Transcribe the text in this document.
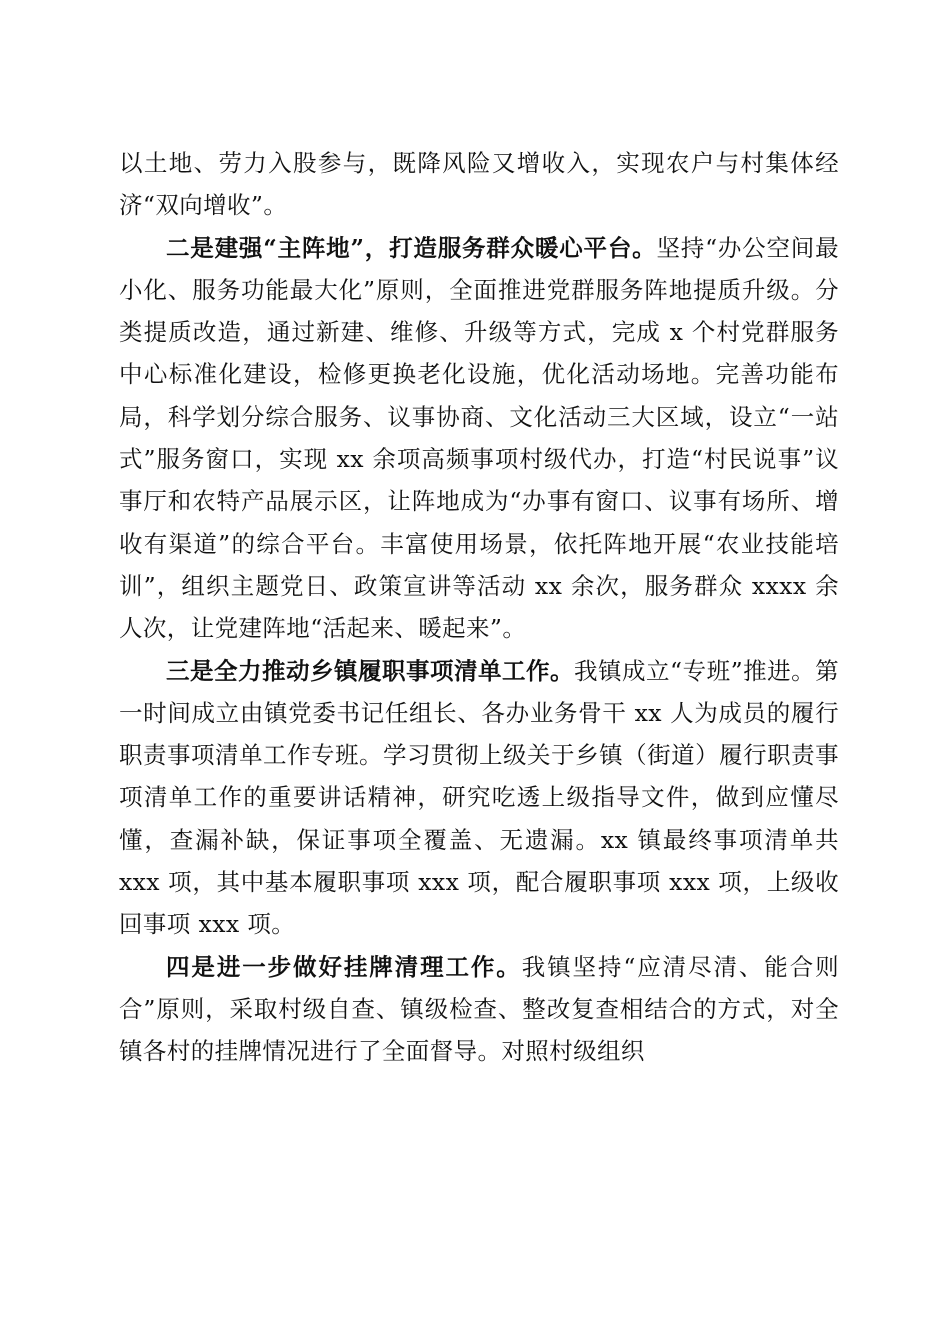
以土地、劳力入股参与，既降风险又增收入，实现农户与村集体经济“双向增收”。

二是建强“主阵地”，打造服务群众暖心平台。坚持“办公空间最小化、服务功能最大化”原则，全面推进党群服务阵地提质升级。分类提质改造，通过新建、维修、升级等方式，完成 x 个村党群服务中心标准化建设，检修更换老化设施，优化活动场地。完善功能布局，科学划分综合服务、议事协商、文化活动三大区域，设立“一站式”服务窗口，实现 xx 余项高频事项村级代办，打造“村民说事”议事厅和农特产品展示区，让阵地成为“办事有窗口、议事有场所、增收有渠道”的综合平台。丰富使用场景，依托阵地开展“农业技能培训”，组织主题党日、政策宣讲等活动 xx 余次，服务群众 xxxx 余人次，让党建阵地“活起来、暖起来”。

三是全力推动乡镇履职事项清单工作。我镇成立“专班”推进。第一时间成立由镇党委书记任组长、各办业务骨干 xx 人为成员的履行职责事项清单工作专班。学习贯彻上级关于乡镇（街道）履行职责事项清单工作的重要讲话精神，研究吃透上级指导文件，做到应懂尽懂，查漏补缺，保证事项全覆盖、无遗漏。xx 镇最终事项清单共 xxx 项，其中基本履职事项 xxx 项，配合履职事项 xxx 项，上级收回事项 xxx 项。

四是进一步做好挂牌清理工作。我镇坚持“应清尽清、能合则合”原则，采取村级自查、镇级检查、整改复查相结合的方式，对全镇各村的挂牌情况进行了全面督导。对照村级组织
